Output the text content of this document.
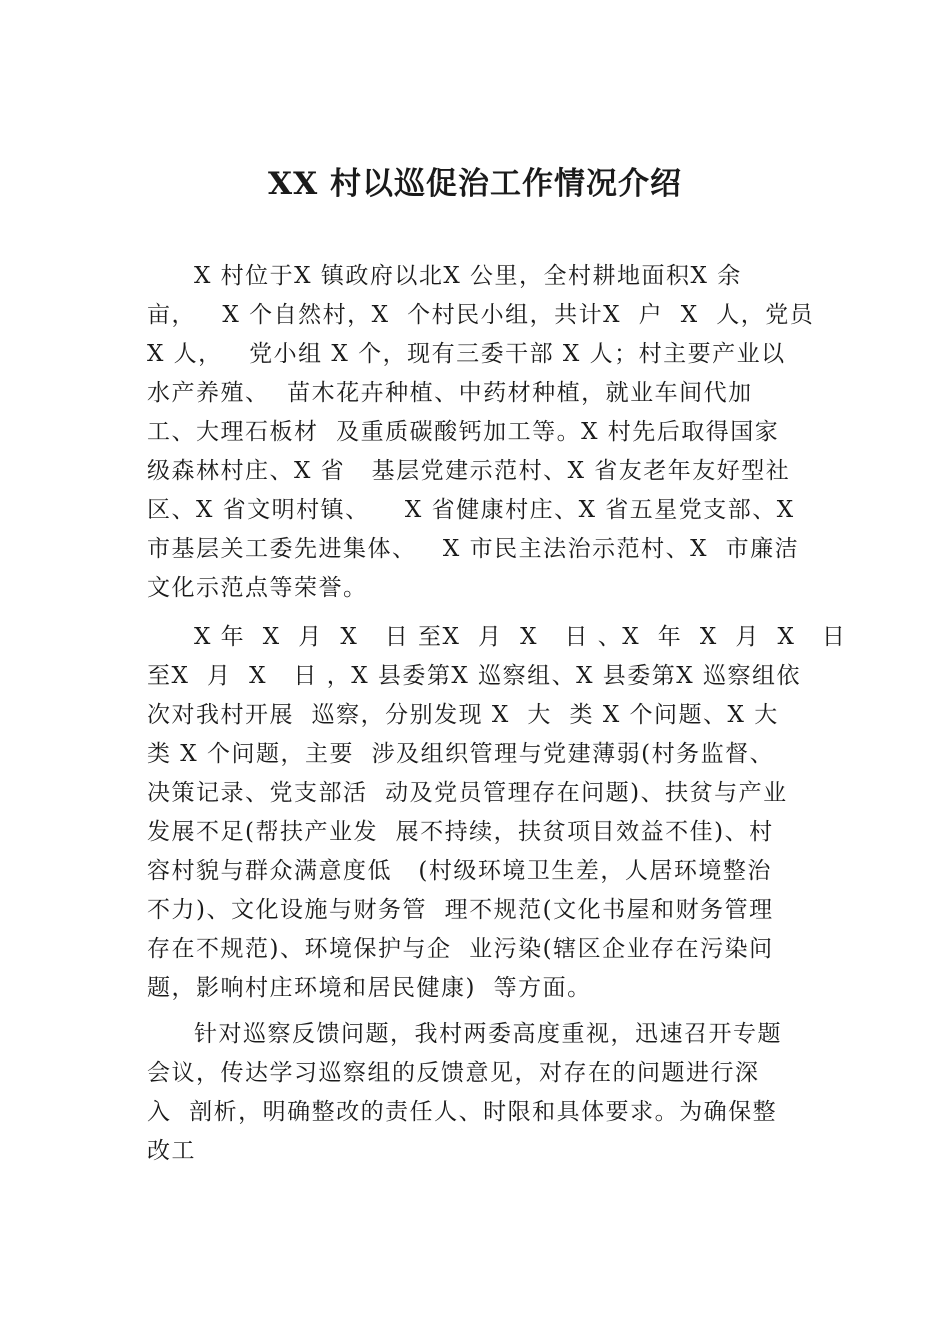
XX 村以巡促治工作情况介绍
X 村位于X 镇政府以北X 公里，全村耕地面积X 余
亩，   X 个自然村，X  个村民小组，共计X  户  X  人，党员
X 人，   党小组 X 个，现有三委干部 X 人；村主要产业以
水产养殖、  苗木花卉种植、中药材种植，就业车间代加
工、大理石板材  及重质碳酸钙加工等。X 村先后取得国家
级森林村庄、X 省   基层党建示范村、X 省友老年友好型社
区、X 省文明村镇、    X 省健康村庄、X 省五星党支部、X
市基层关工委先进集体、   X 市民主法治示范村、X  市廉洁
文化示范点等荣誉。
X 年  X  月  X   日 至X  月  X   日 、X  年  X  月  X   日
至X  月  X   日 ，X 县委第X 巡察组、X 县委第X 巡察组依
次对我村开展  巡察，分别发现 X  大  类 X 个问题、X 大
类 X 个问题，主要  涉及组织管理与党建薄弱(村务监督、
决策记录、党支部活  动及党员管理存在问题)、扶贫与产业
发展不足(帮扶产业发  展不持续，扶贫项目效益不佳)、村
容村貌与群众满意度低   (村级环境卫生差，人居环境整治
不力)、文化设施与财务管  理不规范(文化书屋和财务管理
存在不规范)、环境保护与企  业污染(辖区企业存在污染问
题，影响村庄环境和居民健康)  等方面。
针对巡察反馈问题，我村两委高度重视，迅速召开专题
会议，传达学习巡察组的反馈意见，对存在的问题进行深
入  剖析，明确整改的责任人、时限和具体要求。为确保整
改工
